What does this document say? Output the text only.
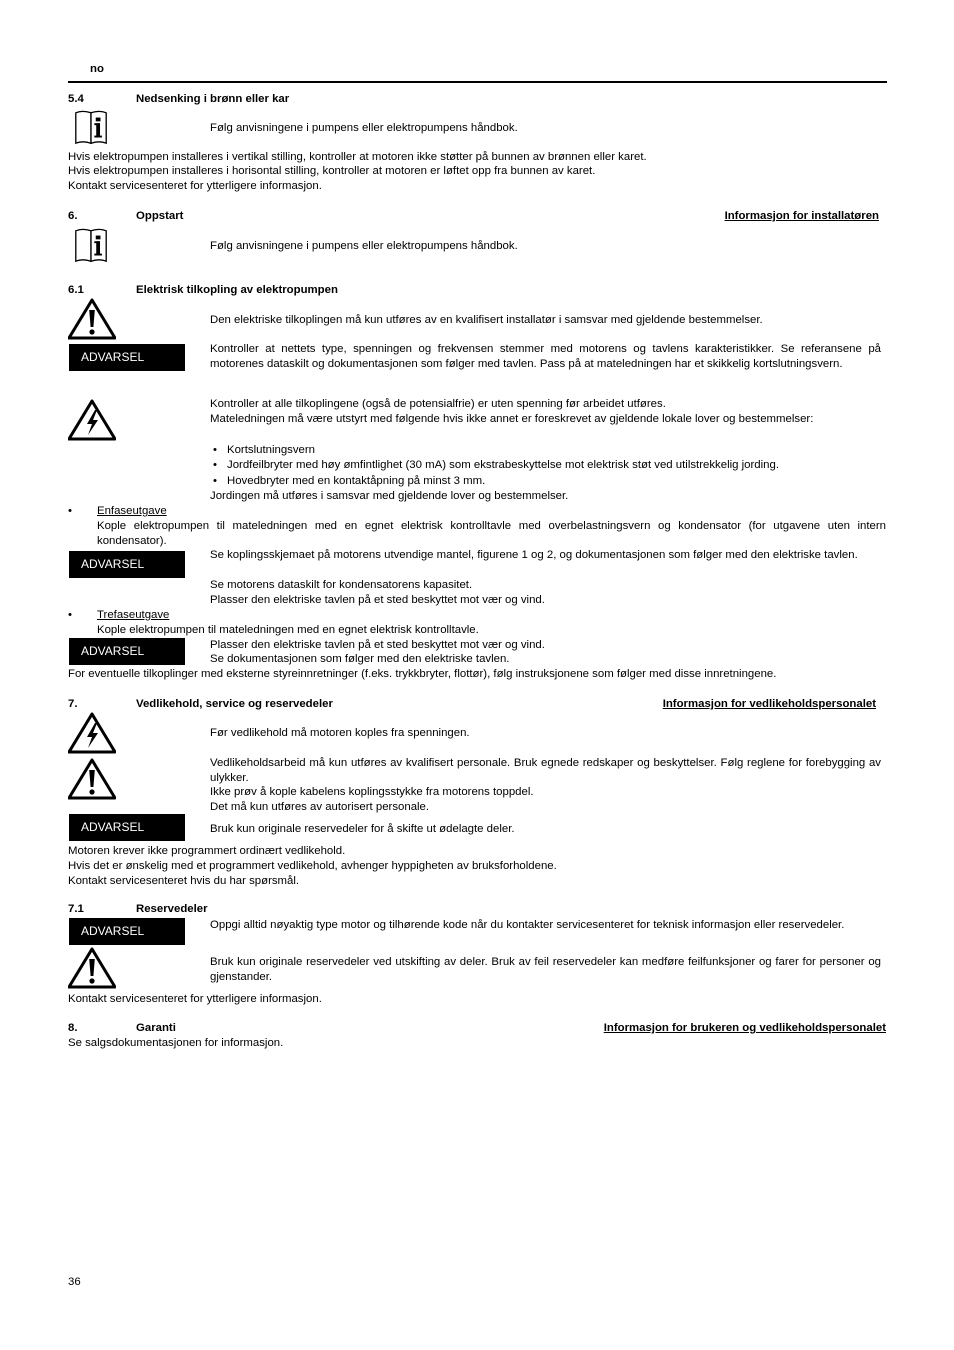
no
5.4	Nedsenking i brønn eller kar
Følg anvisningene i pumpens eller elektropumpens håndbok.
Hvis elektropumpen installeres i vertikal stilling, kontroller at motoren ikke støtter på bunnen av brønnen eller karet.
Hvis elektropumpen installeres i horisontal stilling, kontroller at motoren er løftet opp fra bunnen av karet.
Kontakt servicesenteret for ytterligere informasjon.
6.	Oppstart	Informasjon for installatøren
Følg anvisningene i pumpens eller elektropumpens håndbok.
6.1	Elektrisk tilkopling av elektropumpen
Den elektriske tilkoplingen må kun utføres av en kvalifisert installatør i samsvar med gjeldende bestemmelser.
ADVARSEL
Kontroller at nettets type, spenningen og frekvensen stemmer med motorens og tavlens karakteristikker. Se referansene på motorenes dataskilt og dokumentasjonen som følger med tavlen. Pass på at mateledningen har et skikkelig kortslutningsvern.
Kontroller at alle tilkoplingene (også de potensialfrie) er uten spenning før arbeidet utføres.
Mateledningen må være utstyrt med følgende hvis ikke annet er foreskrevet av gjeldende lokale lover og bestemmelser:
• Kortslutningsvern
• Jordfeilbryter med høy ømfintlighet (30 mA) som ekstrabeskyttelse mot elektrisk støt ved utilstrekkelig jording.
• Hovedbryter med en kontaktåpning på minst 3 mm.
Jordingen må utføres i samsvar med gjeldende lover og bestemmelser.
• Enfaseutgave
Kople elektropumpen til mateledningen med en egnet elektrisk kontrolltavle med overbelastningsvern og kondensator (for utgavene uten intern kondensator).
ADVARSEL
Se koplingsskjemaet på motorens utvendige mantel, figurene 1 og 2, og dokumentasjonen som følger med den elektriske tavlen.
Se motorens dataskilt for kondensatorens kapasitet.
Plasser den elektriske tavlen på et sted beskyttet mot vær og vind.
• Trefaseutgave
Kople elektropumpen til mateledningen med en egnet elektrisk kontrolltavle.
ADVARSEL	Plasser den elektriske tavlen på et sted beskyttet mot vær og vind.
Se dokumentasjonen som følger med den elektriske tavlen.
For eventuelle tilkoplinger med eksterne styreinnretninger (f.eks. trykkbryter, flottør), følg instruksjonene som følger med disse innretningene.
7.	Vedlikehold, service og reservedeler	Informasjon for vedlikeholdspersonalet
Før vedlikehold må motoren koples fra spenningen.
Vedlikeholdsarbeid må kun utføres av kvalifisert personale. Bruk egnede redskaper og beskyttelser. Følg reglene for forebygging av ulykker.
Ikke prøv å kople kabelens koplingsstykke fra motorens toppdel.
Det må kun utføres av autorisert personale.
ADVARSEL	Bruk kun originale reservedeler for å skifte ut ødelagte deler.
Motoren krever ikke programmert ordinært vedlikehold.
Hvis det er ønskelig med et programmert vedlikehold, avhenger hyppigheten av bruksforholdene.
Kontakt servicesenteret hvis du har spørsmål.
7.1	Reservedeler
ADVARSEL	Oppgi alltid nøyaktig type motor og tilhørende kode når du kontakter servicesenteret for teknisk informasjon eller reservedeler.
Bruk kun originale reservedeler ved utskifting av deler. Bruk av feil reservedeler kan medføre feilfunksjoner og farer for personer og gjenstander.
Kontakt servicesenteret for ytterligere informasjon.
8.	Garanti	Informasjon for brukeren og vedlikeholdspersonalet
Se salgsdokumentasjonen for informasjon.
36
